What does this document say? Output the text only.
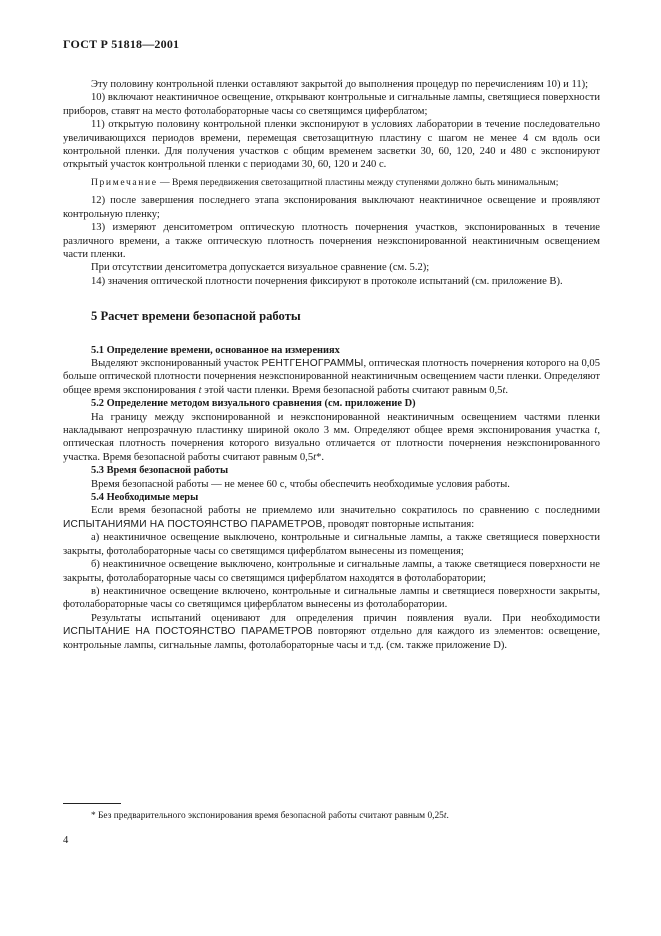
ГОСТ Р 51818—2001

Эту половину контрольной пленки оставляют закрытой до выполнения процедур по перечислениям 10) и 11);

10) включают неактиничное освещение, открывают контрольные и сигнальные лампы, светящиеся поверхности приборов, ставят на место фотолабораторные часы со светящимся циферблатом;

11) открытую половину контрольной пленки экспонируют в условиях лаборатории в течение последовательно увеличивающихся периодов времени, перемещая светозащитную пластину с шагом не менее 4 см вдоль оси контрольной пленки. Для получения участков с общим временем засветки 30, 60, 120, 240 и 480 с экспонируют открытый участок контрольной пленки с периодами 30, 60, 120 и 240 с.

Примечание — Время передвижения светозащитной пластины между ступенями должно быть минимальным;

12) после завершения последнего этапа экспонирования выключают неактиничное освещение и проявляют контрольную пленку;

13) измеряют денситометром оптическую плотность почернения участков, экспонированных в течение различного времени, а также оптическую плотность почернения неэкспонированной неактиничным освещением части пленки.

При отсутствии денситометра допускается визуальное сравнение (см. 5.2);

14) значения оптической плотности почернения фиксируют в протоколе испытаний (см. приложение В).

5 Расчет времени безопасной работы
5.1 Определение времени, основанное на измерениях

Выделяют экспонированный участок РЕНТГЕНОГРАММЫ, оптическая плотность почернения которого на 0,05 больше оптической плотности почернения неэкспонированной неактиничным освещением части пленки. Определяют общее время экспонирования t этой части пленки. Время безопасной работы считают равным 0,5t.

5.2 Определение методом визуального сравнения (см. приложение D)

На границу между экспонированной и неэкспонированной неактиничным освещением частями пленки накладывают непрозрачную пластинку шириной около 3 мм. Определяют общее время экспонирования участка t, оптическая плотность почернения которого визуально отличается от плотности почернения неэкспонированного участка. Время безопасной работы считают равным 0,5t*.

5.3 Время безопасной работы

Время безопасной работы — не менее 60 с, чтобы обеспечить необходимые условия работы.

5.4 Необходимые меры

Если время безопасной работы не приемлемо или значительно сократилось по сравнению с последними ИСПЫТАНИЯМИ НА ПОСТОЯНСТВО ПАРАМЕТРОВ, проводят повторные испытания:

а) неактиничное освещение выключено, контрольные и сигнальные лампы, а также светящиеся поверхности закрыты, фотолабораторные часы со светящимся циферблатом вынесены из помещения;

б) неактиничное освещение выключено, контрольные и сигнальные лампы, а также светящиеся поверхности не закрыты, фотолабораторные часы со светящимся циферблатом находятся в фотолаборатории;

в) неактиничное освещение включено, контрольные и сигнальные лампы и светящиеся поверхности закрыты, фотолабораторные часы со светящимся циферблатом вынесены из фотолаборатории.

Результаты испытаний оценивают для определения причин появления вуали. При необходимости ИСПЫТАНИЕ НА ПОСТОЯНСТВО ПАРАМЕТРОВ повторяют отдельно для каждого из элементов: освещение, контрольные лампы, сигнальные лампы, фотолабораторные часы и т.д. (см. также приложение D).

* Без предварительного экспонирования время безопасной работы считают равным 0,25t.
4
